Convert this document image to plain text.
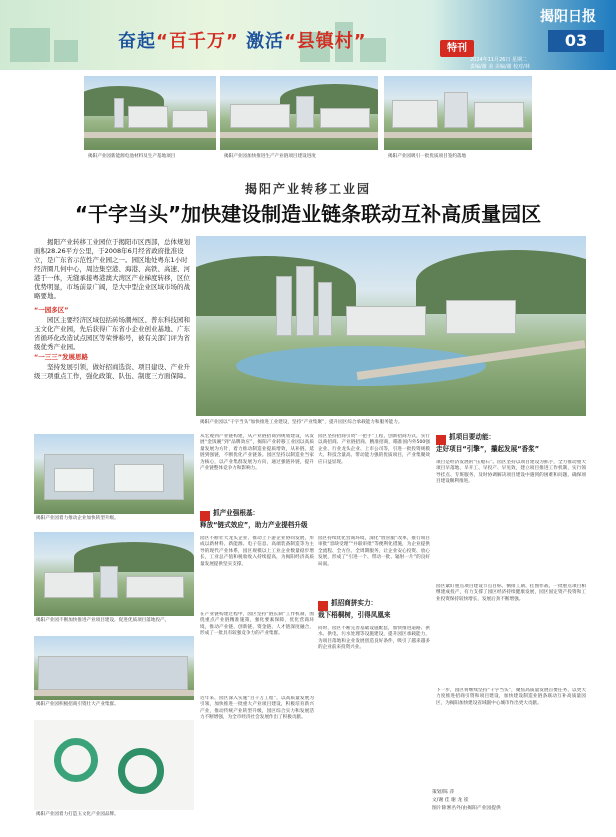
奋起“百千万” 激活“县镇村”	特刊
揭阳日报
03
2024年11月26日 星期二
责编/谢 美 美编/谢 校对/林
揭阳产业园新能源电池材料及生产基地项目	揭阳产业园加快推进生产产业链项目建设进度	揭阳产业园吸引一批优质项目签约落地
揭阳产业转移工业园
“干字当头”加快建设制造业链条联动互补高质量园区
揭阳产业转移工业园位于揭阳市区西部，总体规划面积28.26平方公里，于2008年6月经省政府批准设立，是广东省示范性产业园之一。园区地处粤东1小时经济圈几何中心，周边集空港、海港、高铁、高速、河港于一体，无缝承接粤港澳大湾区产业梯度转移，区位优势明显，市场前景广阔，是大中型企业区域市场的战略要地。
“一园多区”
园区主要经济区域包括砖场潮州区、普东科技园和玉文化产业园，先后获得广东省小企业创业基地、广东省循环化改造试点园区等荣誉称号，被有关部门评为省级优秀产业园。
“一三三”发展思路
坚持发展引领，做好招商选资、项目建设、产业升级三项重点工作，强化政策、队伍、制度三方面保障。
揭阳产业园以“干字当头”加快推进工业建设，坚持“产业集聚”，提升园区综合承载能力和服务能力。
揭阳产业园着力推动企业加快转型升级。
揭阳产业园不断加快推进产业项目建设，促进优质项目落地投产。
揭阳产业园积极招商引资壮大产业集群。
揭阳产业园着力打造玉文化产业园品牌。
从宏观到产业链构建，从产业链招商到规划建设，从发展“金饭碗”到“品牌效应”，揭阳产业转移工业园以高质量发展为方针，着力推动制造业提质增效，从补链、延链到强链，不断优化产业链条。园区坚持以制造业当家为核心，以产业集群发展为方向，通过强链补链，提升产业链整体竞争力和影响力。
抓产业强根基：
释放“链式效应”，助力产业提档升级
园区不断壮大龙头企业，推动上下游企业协同发展，形成以新材料、新能源、电子信息、高端装备制造等为主导的现代产业体系，园区规模以上工业企业数量稳步增长，工业总产值和税收收入持续提高，为揭阳经济高质量发展提供坚实支撑。
在产业链构建过程中，园区坚持“链长制”工作机制，围绕重点产业链精准施策，强化要素保障，优化营商环境，推动产业链、创新链、资金链、人才链深度融合，形成了一批具有较强竞争力的产业集群。
近年来，园区深入实施“百千万工程”，以高质量发展为引领，加快推进一批重大产业项目建设，积极培育新兴产业，推动传统产业转型升级，园区综合实力和发展活力不断增强，为全市经济社会发展作出了积极贡献。
园区坚持招商引资“一把手”工程，创新招商方式，实行以商招商、产业链招商、精准招商，瞄准国内外500强企业、行业龙头企业、上市公司等，引进一批投资规模大、科技含量高、带动能力强的优质项目，产业集聚效应日益显现。
园区持续优化营商环境，深化“放管服”改革，推行项目审批“容缺受理”“并联审批”等便利化措施，为企业提供全流程、全方位、全周期服务，让企业安心投资、放心发展，形成了“引进一个、带动一批、辐射一片”的良好局面。
抓招商拼实力：
栽下梧桐树，引得凤凰来
同时，园区不断完善基础设施配套，加快推进道路、供水、供电、污水处理等设施建设，提升园区承载能力，为项目落地和企业发展创造良好条件，吸引了越来越多的企业前来投资兴业。
抓项目要动能：
走好项目“引擎”，攥起发展“香浆”
项目是经济发展的“压舱石”。园区坚持以项目建设为抓手，全力推动重大项目早落地、早开工、早投产、早见效，建立项目推进工作机制，实行领导挂点、专班服务，及时协调解决项目建设中遇到的困难和问题，确保项目建设顺利推进。
园区紧盯重点项目建设节点目标，倒排工期、挂图作战，一批重点项目相继建成投产，有力支撑了园区经济持续健康发展，园区固定资产投资和工业投资保持较快增长，发展后劲不断增强。
下一步，园区将继续坚持“干字当头”，聚焦高质量发展首要任务，以更大力度推进招商引资和项目建设，加快建设制造业链条联动互补高质量园区，为揭阳加快建设省域副中心城市作出更大贡献。
策划/陈 萍
文/谢 佳 谢 龙 崔
图片除署名外/由揭阳产业园提供
